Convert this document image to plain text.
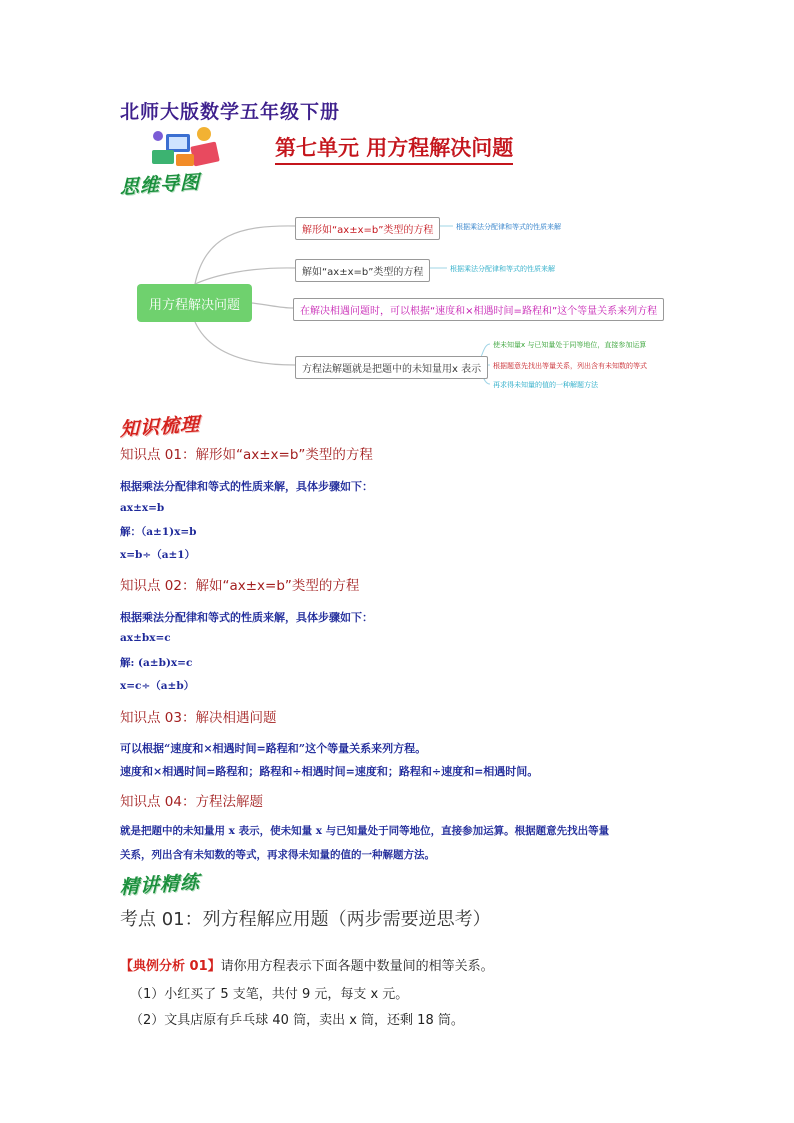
北师大版数学五年级下册
第七单元 用方程解决问题
思维导图
用方程解决问题
解形如“ax±x=b”类型的方程	根据乘法分配律和等式的性质来解
解如“ax±x=b”类型的方程	根据乘法分配律和等式的性质来解
在解决相遇问题时，可以根据“速度和×相遇时间=路程和”这个等量关系来列方程
方程法解题就是把题中的未知量用x 表示
使未知量x 与已知量处于同等地位，直接参加运算
根据题意先找出等量关系，列出含有未知数的等式
再求得未知量的值的一种解题方法
知识梳理
知识点 01：解形如“ax±x=b”类型的方程
根据乘法分配律和等式的性质来解，具体步骤如下：
ax±x=b
解：（a±1)x=b
x=b÷（a±1）
知识点 02：解如“ax±x=b”类型的方程
根据乘法分配律和等式的性质来解，具体步骤如下：
ax±bx=c
解: (a±b)x=c
x=c÷（a±b）
知识点 03：解决相遇问题
可以根据“速度和×相遇时间=路程和”这个等量关系来列方程。
速度和×相遇时间=路程和；路程和÷相遇时间=速度和；路程和÷速度和=相遇时间。
知识点 04：方程法解题
就是把题中的未知量用 x 表示，使未知量 x 与已知量处于同等地位，直接参加运算。根据题意先找出等量
关系，列出含有未知数的等式，再求得未知量的值的一种解题方法。
精讲精练
考点 01：列方程解应用题（两步需要逆思考）
【典例分析 01】请你用方程表示下面各题中数量间的相等关系。
（1）小红买了 5 支笔，共付 9 元，每支 x 元。
（2）文具店原有乒乓球 40 筒，卖出 x 筒，还剩 18 筒。
